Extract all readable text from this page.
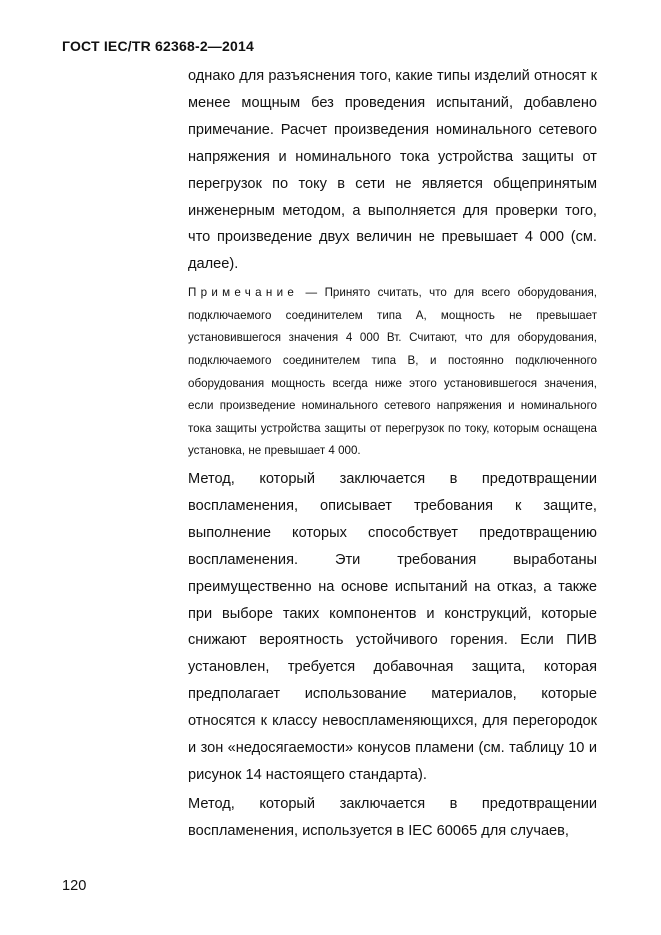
ГОСТ IEC/TR 62368-2—2014

однако для разъяснения того, какие типы изделий относят к менее мощным без проведения испытаний, добавлено примечание. Расчет произведения номинального сетевого напряжения и номинального тока устройства защиты от перегрузок по току в сети не является общепринятым инженерным методом, а выполняется для проверки того, что произведение двух величин не превышает 4 000 (см. далее).

Примечание — Принято считать, что для всего оборудования, подключаемого соединителем типа А, мощность не превышает установившегося значения 4 000 Вт. Считают, что для оборудования, подключаемого соединителем типа В, и постоянно подключенного оборудования мощность всегда ниже этого установившегося значения, если произведение номинального сетевого напряжения и номинального тока защиты устройства защиты от перегрузок по току, которым оснащена установка, не превышает 4 000.

Метод, который заключается в предотвращении воспламенения, описывает требования к защите, выполнение которых способствует предотвращению воспламенения. Эти требования выработаны преимущественно на основе испытаний на отказ, а также при выборе таких компонентов и конструкций, которые снижают вероятность устойчивого горения. Если ПИВ установлен, требуется добавочная защита, которая предполагает использование материалов, которые относятся к классу невоспламеняющихся, для перегородок и зон «недосягаемости» конусов пламени (см. таблицу 10 и рисунок 14 настоящего стандарта).

Метод, который заключается в предотвращении воспламенения, используется в IEC 60065 для случаев,

120
